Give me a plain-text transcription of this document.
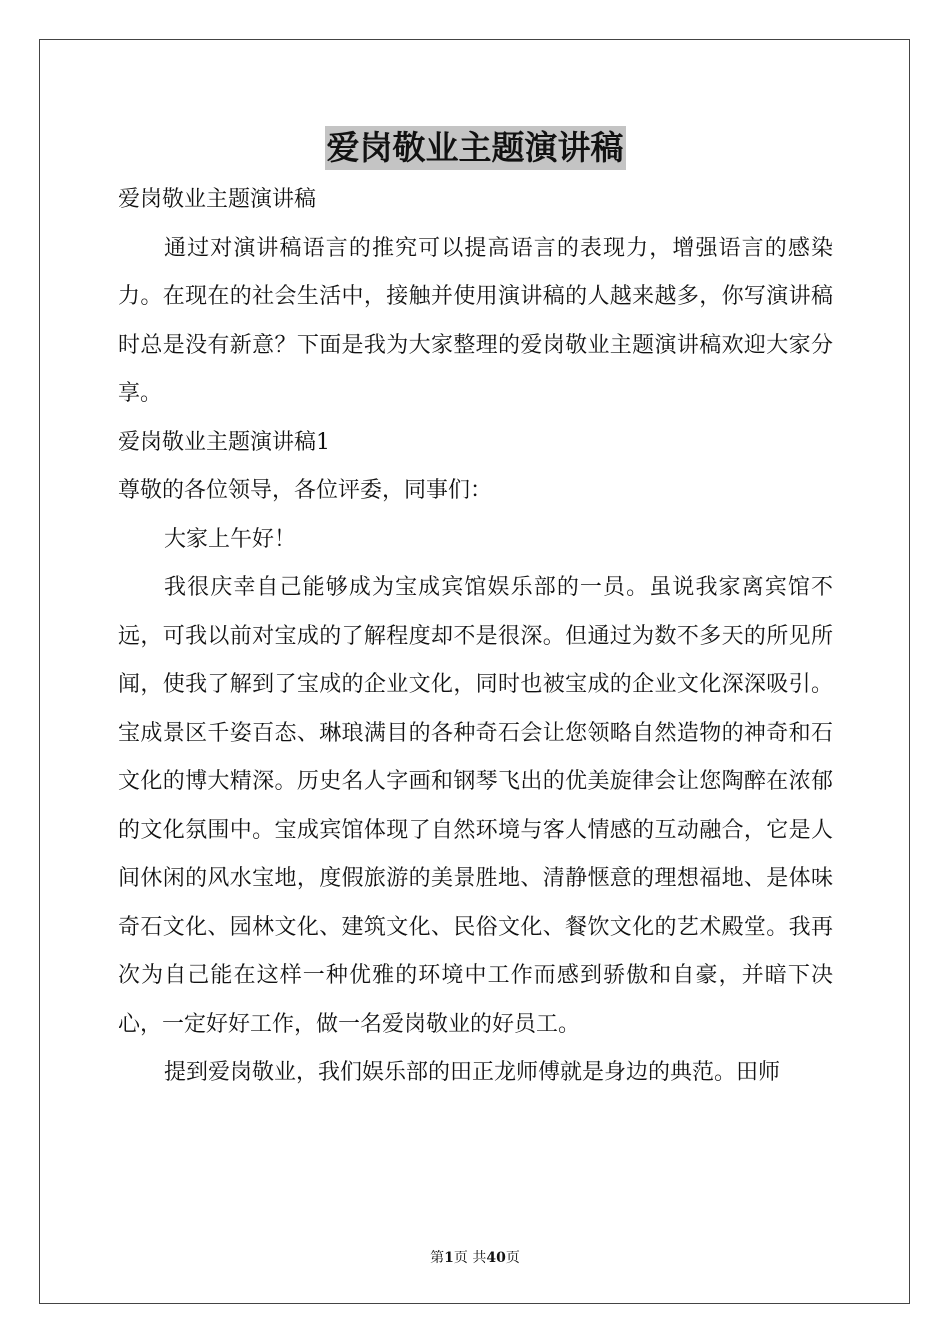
爱岗敬业主题演讲稿

爱岗敬业主题演讲稿

通过对演讲稿语言的推究可以提高语言的表现力，增强语言的感染力。在现在的社会生活中，接触并使用演讲稿的人越来越多，你写演讲稿时总是没有新意？下面是我为大家整理的爱岗敬业主题演讲稿欢迎大家分享。

爱岗敬业主题演讲稿1

尊敬的各位领导，各位评委，同事们：

大家上午好！

我很庆幸自己能够成为宝成宾馆娱乐部的一员。虽说我家离宾馆不远，可我以前对宝成的了解程度却不是很深。但通过为数不多天的所见所闻，使我了解到了宝成的企业文化，同时也被宝成的企业文化深深吸引。宝成景区千姿百态、琳琅满目的各种奇石会让您领略自然造物的神奇和石文化的博大精深。历史名人字画和钢琴飞出的优美旋律会让您陶醉在浓郁的文化氛围中。宝成宾馆体现了自然环境与客人情感的互动融合，它是人间休闲的风水宝地，度假旅游的美景胜地、清静惬意的理想福地、是体味奇石文化、园林文化、建筑文化、民俗文化、餐饮文化的艺术殿堂。我再次为自己能在这样一种优雅的环境中工作而感到骄傲和自豪，并暗下决心，一定好好工作，做一名爱岗敬业的好员工。

提到爱岗敬业，我们娱乐部的田正龙师傅就是身边的典范。田师

第1页 共40页
